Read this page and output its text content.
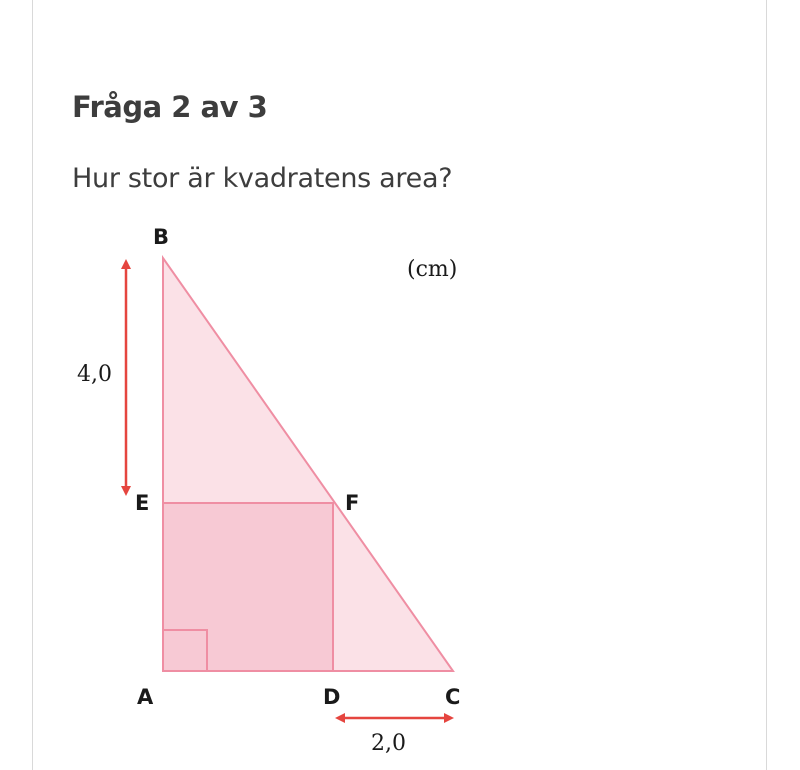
Fråga 2 av 3

Hur stor är kvadratens area?

B
E	F
A	D	C
(cm)
4,0
2,0
